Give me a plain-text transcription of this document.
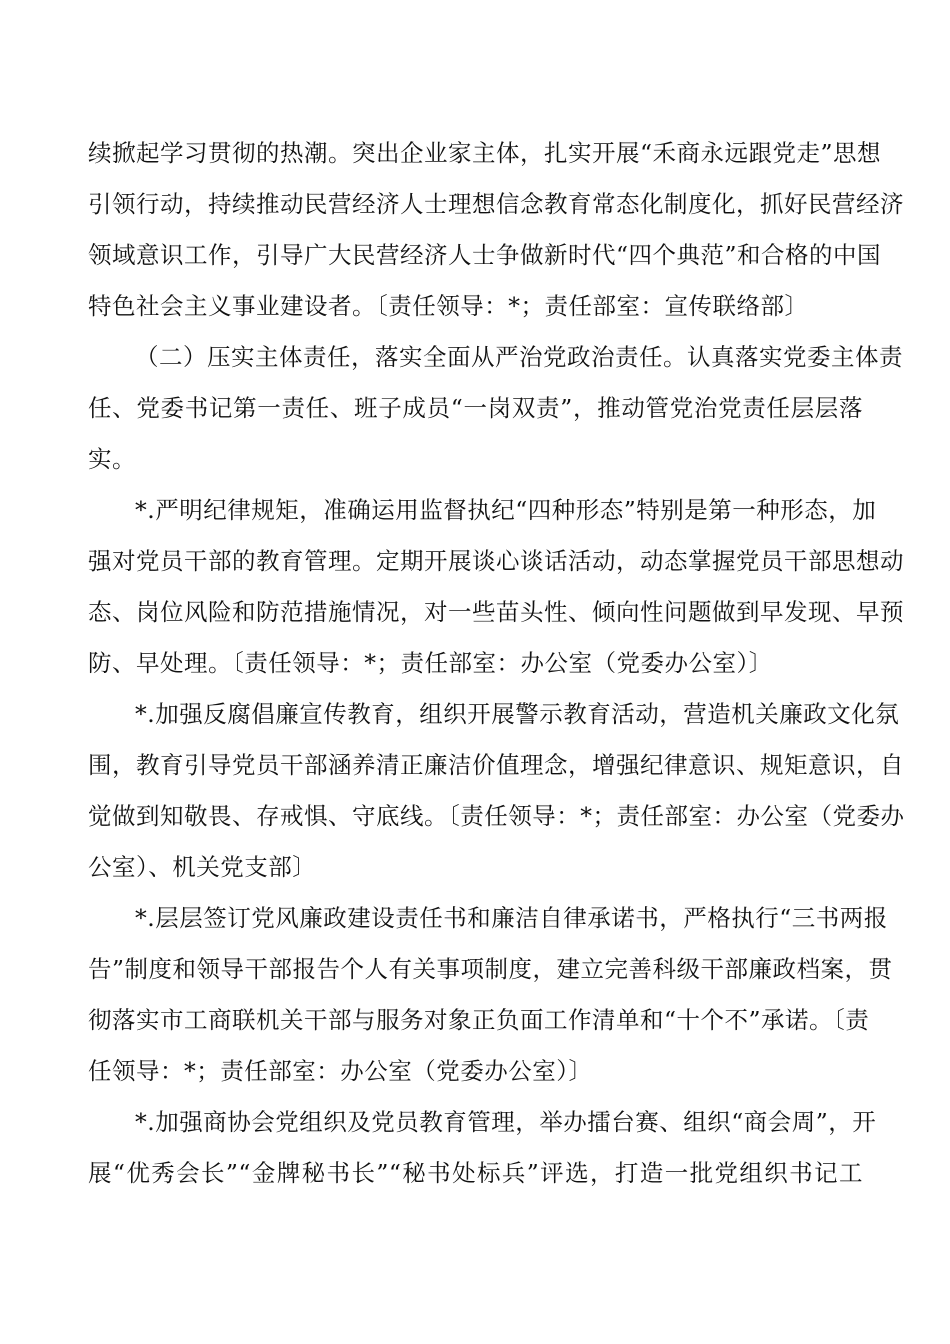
续掀起学习贯彻的热潮。突出企业家主体，扎实开展“禾商永远跟党走”思想
引领行动，持续推动民营经济人士理想信念教育常态化制度化，抓好民营经济
领域意识工作，引导广大民营经济人士争做新时代“四个典范”和合格的中国
特色社会主义事业建设者。〔责任领导：*；责任部室：宣传联络部〕
（二）压实主体责任，落实全面从严治党政治责任。认真落实党委主体责
任、党委书记第一责任、班子成员“一岗双责”，推动管党治党责任层层落
实。
*.严明纪律规矩，准确运用监督执纪“四种形态”特别是第一种形态，加
强对党员干部的教育管理。定期开展谈心谈话活动，动态掌握党员干部思想动
态、岗位风险和防范措施情况，对一些苗头性、倾向性问题做到早发现、早预
防、早处理。〔责任领导：*；责任部室：办公室（党委办公室）〕
*.加强反腐倡廉宣传教育，组织开展警示教育活动，营造机关廉政文化氛
围，教育引导党员干部涵养清正廉洁价值理念，增强纪律意识、规矩意识，自
觉做到知敬畏、存戒惧、守底线。〔责任领导：*；责任部室：办公室（党委办
公室）、机关党支部〕
*.层层签订党风廉政建设责任书和廉洁自律承诺书，严格执行“三书两报
告”制度和领导干部报告个人有关事项制度，建立完善科级干部廉政档案，贯
彻落实市工商联机关干部与服务对象正负面工作清单和“十个不”承诺。〔责
任领导：*；责任部室：办公室（党委办公室）〕
*.加强商协会党组织及党员教育管理，举办擂台赛、组织“商会周”，开
展“优秀会长”“金牌秘书长”“秘书处标兵”评选，打造一批党组织书记工
